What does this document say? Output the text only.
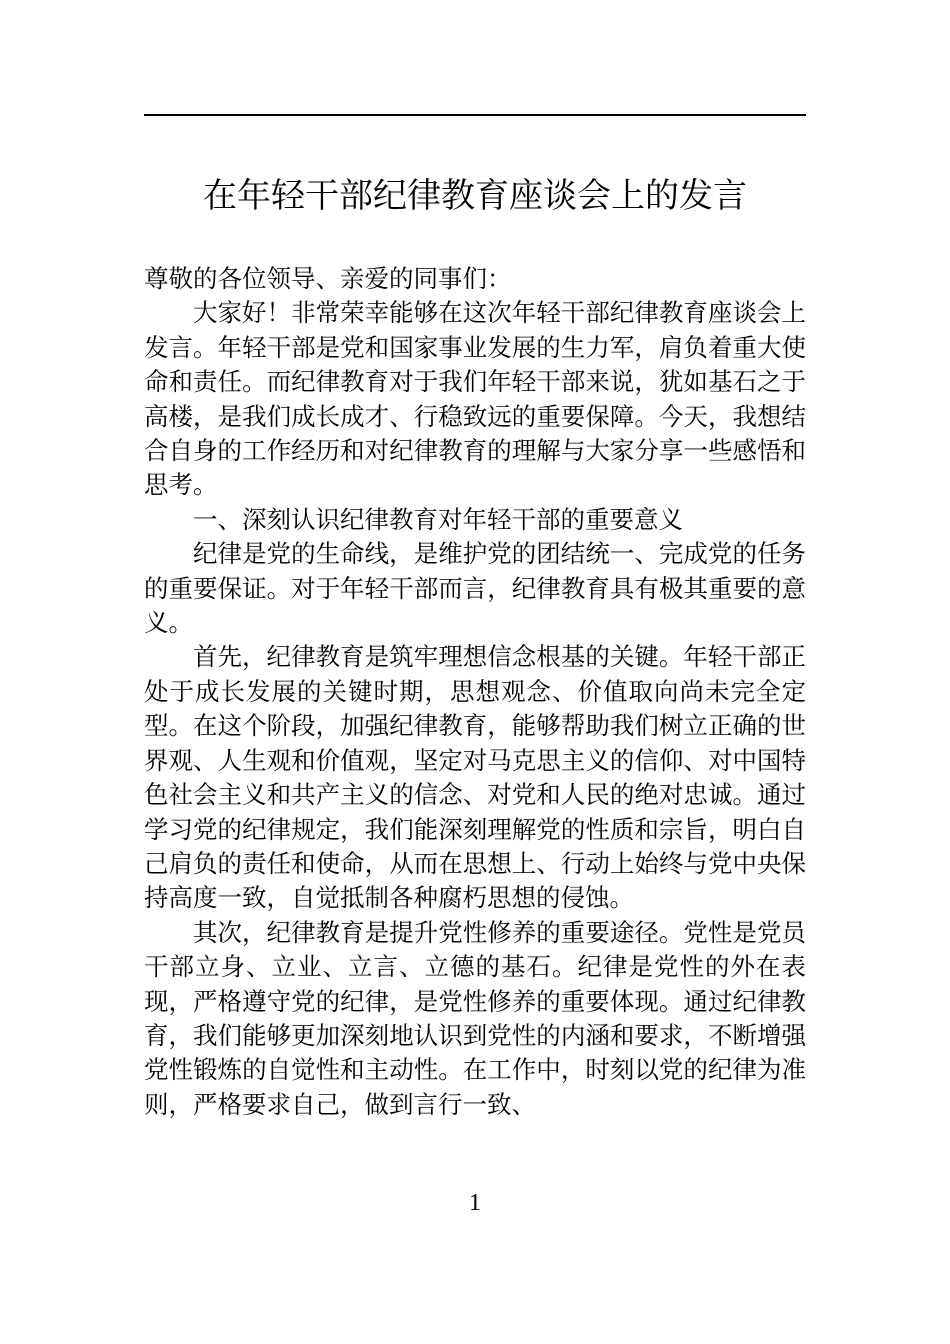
在年轻干部纪律教育座谈会上的发言

尊敬的各位领导、亲爱的同事们：

大家好！非常荣幸能够在这次年轻干部纪律教育座谈会上发言。年轻干部是党和国家事业发展的生力军，肩负着重大使命和责任。而纪律教育对于我们年轻干部来说，犹如基石之于高楼，是我们成长成才、行稳致远的重要保障。今天，我想结合自身的工作经历和对纪律教育的理解与大家分享一些感悟和思考。

一、深刻认识纪律教育对年轻干部的重要意义

纪律是党的生命线，是维护党的团结统一、完成党的任务的重要保证。对于年轻干部而言，纪律教育具有极其重要的意义。

首先，纪律教育是筑牢理想信念根基的关键。年轻干部正处于成长发展的关键时期，思想观念、价值取向尚未完全定型。在这个阶段，加强纪律教育，能够帮助我们树立正确的世界观、人生观和价值观，坚定对马克思主义的信仰、对中国特色社会主义和共产主义的信念、对党和人民的绝对忠诚。通过学习党的纪律规定，我们能深刻理解党的性质和宗旨，明白自己肩负的责任和使命，从而在思想上、行动上始终与党中央保持高度一致，自觉抵制各种腐朽思想的侵蚀。

其次，纪律教育是提升党性修养的重要途径。党性是党员干部立身、立业、立言、立德的基石。纪律是党性的外在表现，严格遵守党的纪律，是党性修养的重要体现。通过纪律教育，我们能够更加深刻地认识到党性的内涵和要求，不断增强党性锻炼的自觉性和主动性。在工作中，时刻以党的纪律为准则，严格要求自己，做到言行一致、

1
